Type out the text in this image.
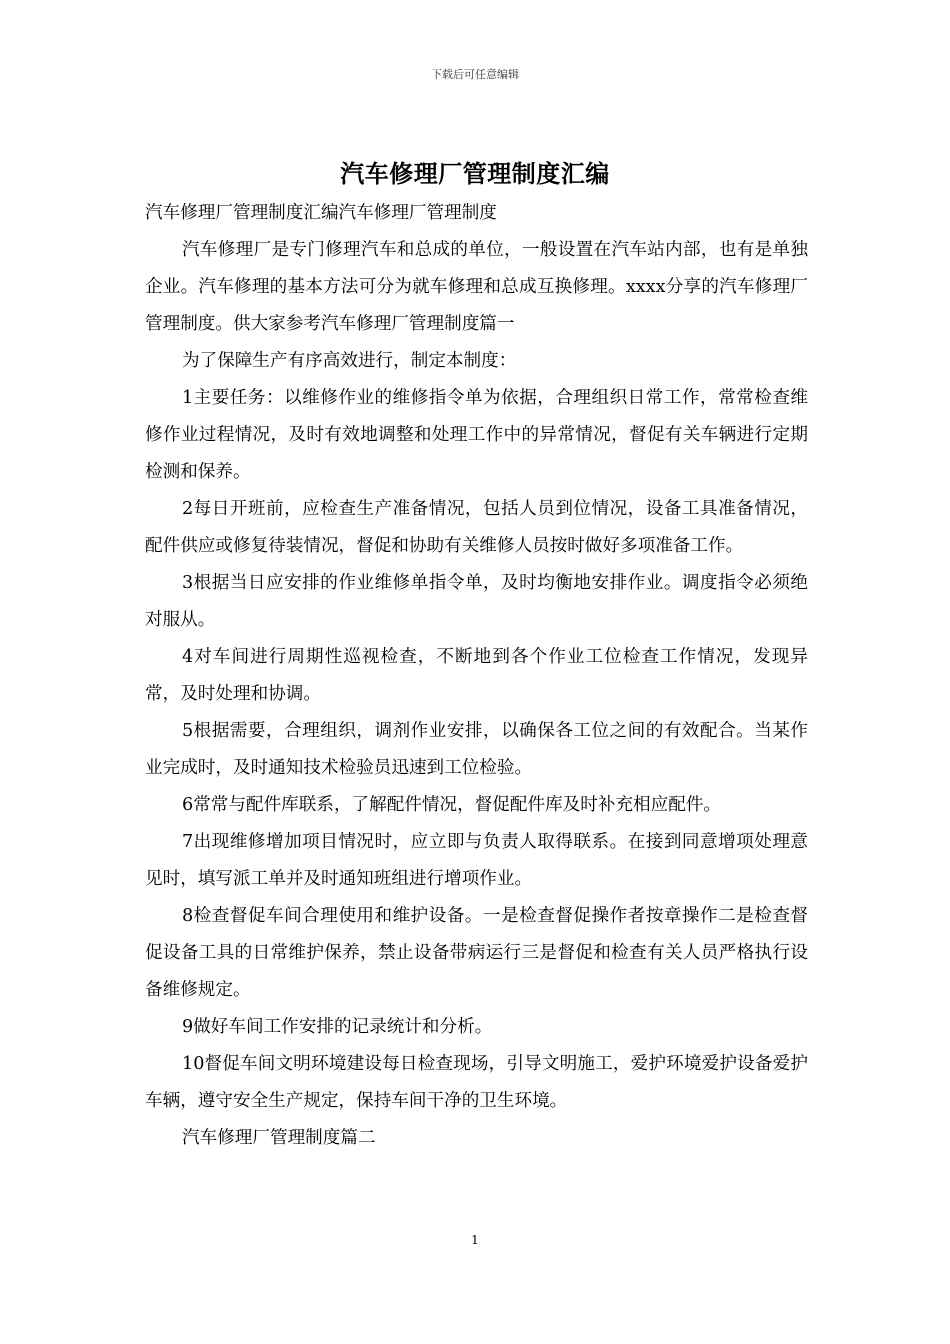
下载后可任意编辑
汽车修理厂管理制度汇编

汽车修理厂管理制度汇编汽车修理厂管理制度

汽车修理厂是专门修理汽车和总成的单位，一般设置在汽车站内部，也有是单独企业。汽车修理的基本方法可分为就车修理和总成互换修理。xxxx分享的汽车修理厂管理制度。供大家参考汽车修理厂管理制度篇一

为了保障生产有序高效进行，制定本制度：

1主要任务：以维修作业的维修指令单为依据，合理组织日常工作，常常检查维修作业过程情况，及时有效地调整和处理工作中的异常情况，督促有关车辆进行定期检测和保养。

2每日开班前，应检查生产准备情况，包括人员到位情况，设备工具准备情况，配件供应或修复待装情况，督促和协助有关维修人员按时做好多项准备工作。

3根据当日应安排的作业维修单指令单，及时均衡地安排作业。调度指令必须绝对服从。

4对车间进行周期性巡视检查，不断地到各个作业工位检查工作情况，发现异常，及时处理和协调。

5根据需要，合理组织，调剂作业安排，以确保各工位之间的有效配合。当某作业完成时，及时通知技术检验员迅速到工位检验。

6常常与配件库联系，了解配件情况，督促配件库及时补充相应配件。

7出现维修增加项目情况时，应立即与负责人取得联系。在接到同意增项处理意见时，填写派工单并及时通知班组进行增项作业。

8检查督促车间合理使用和维护设备。一是检查督促操作者按章操作二是检查督促设备工具的日常维护保养，禁止设备带病运行三是督促和检查有关人员严格执行设备维修规定。

9做好车间工作安排的记录统计和分析。

10督促车间文明环境建设每日检查现场，引导文明施工，爱护环境爱护设备爱护车辆，遵守安全生产规定，保持车间干净的卫生环境。

汽车修理厂管理制度篇二

1
